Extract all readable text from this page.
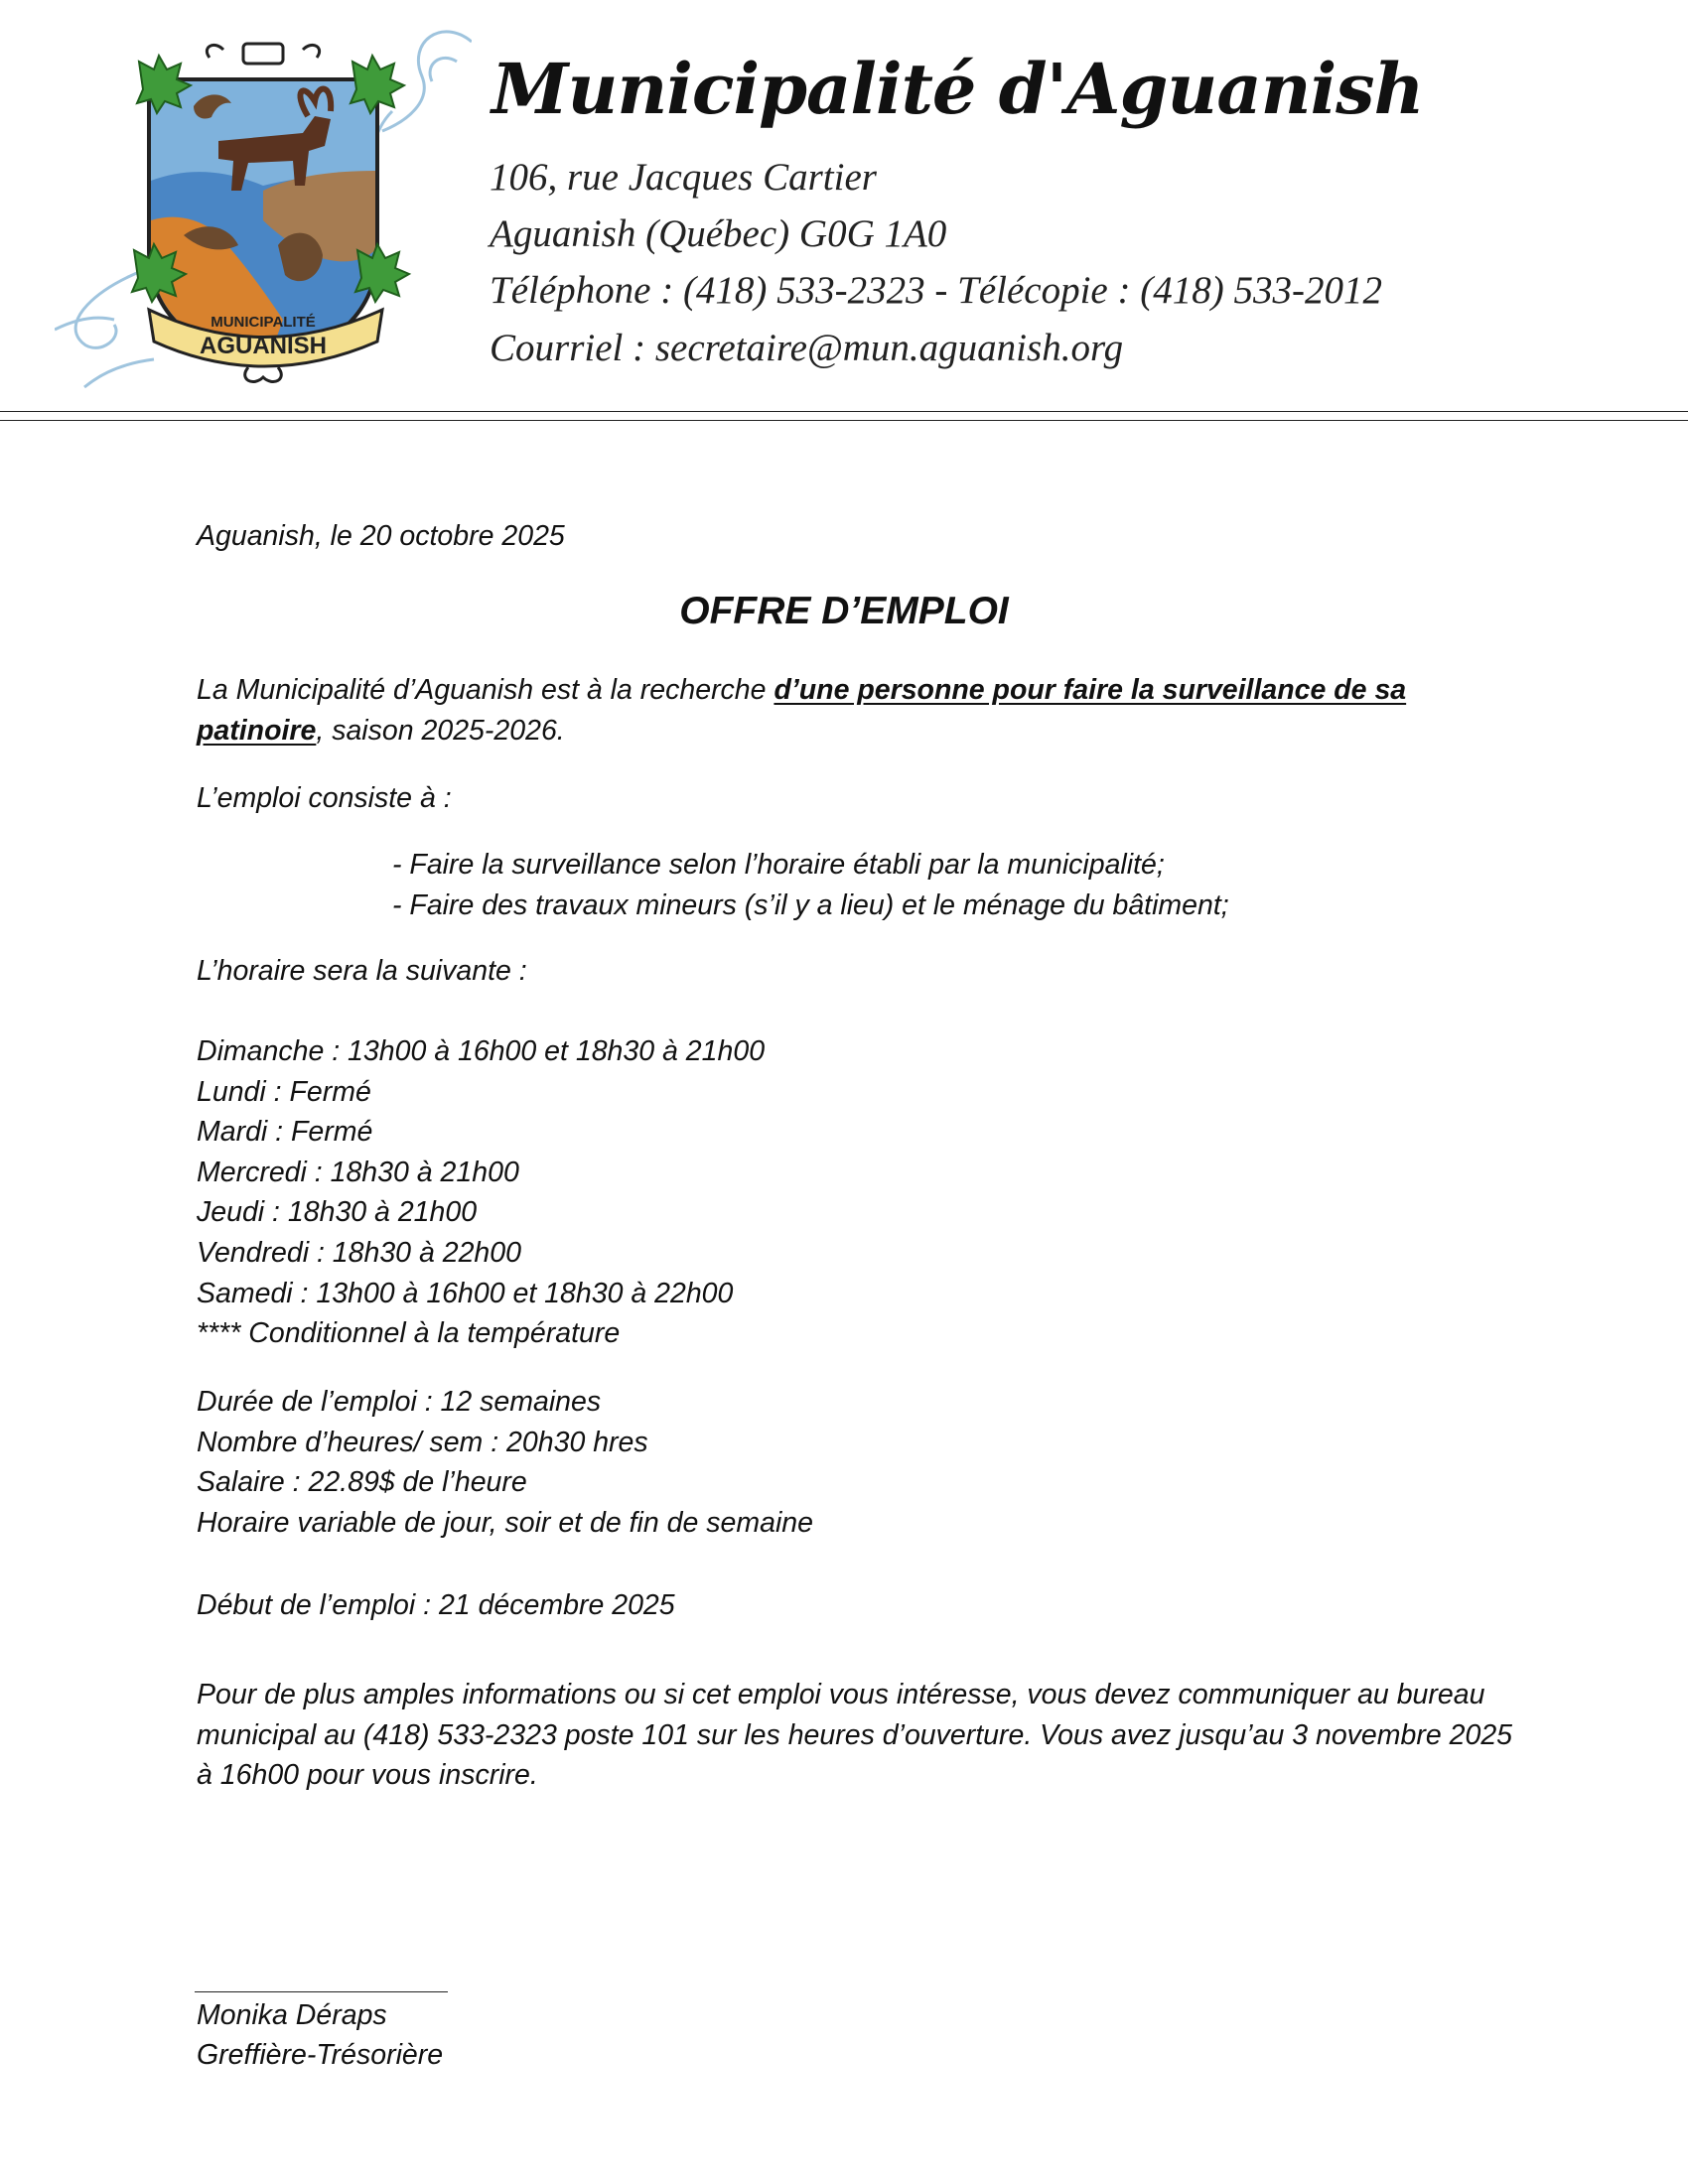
MUNICIPALITÉ
AGUANISH
Municipalité d'Aguanish

106, rue Jacques Cartier

Aguanish (Québec) G0G 1A0

Téléphone : (418) 533-2323 - Télécopie : (418) 533-2012

Courriel : secretaire@mun.aguanish.org

Aguanish, le 20 octobre 2025

OFFRE D’EMPLOI

La Municipalité d’Aguanish est à la recherche d’une personne pour faire la surveillance de sa patinoire, saison 2025-2026.

L’emploi consiste à :

- Faire la surveillance selon l’horaire établi par la municipalité;
- Faire des travaux mineurs (s’il y a lieu) et le ménage du bâtiment;

L’horaire sera la suivante :

Dimanche : 13h00 à 16h00 et 18h30 à 21h00
Lundi : Fermé
Mardi : Fermé
Mercredi : 18h30 à 21h00
Jeudi : 18h30 à 21h00
Vendredi : 18h30 à 22h00
Samedi : 13h00 à 16h00 et 18h30 à 22h00
**** Conditionnel à la température
Durée de l’emploi : 12 semaines
Nombre d’heures/ sem : 20h30 hres
Salaire : 22.89$ de l’heure
Horaire variable de jour, soir et de fin de semaine

Début de l’emploi : 21 décembre 2025

Pour de plus amples informations ou si cet emploi vous intéresse, vous devez communiquer au bureau municipal au (418) 533-2323 poste 101 sur les heures d’ouverture. Vous avez jusqu’au 3 novembre 2025 à 16h00 pour vous inscrire.

Monika Déraps

Greffière-Trésorière
